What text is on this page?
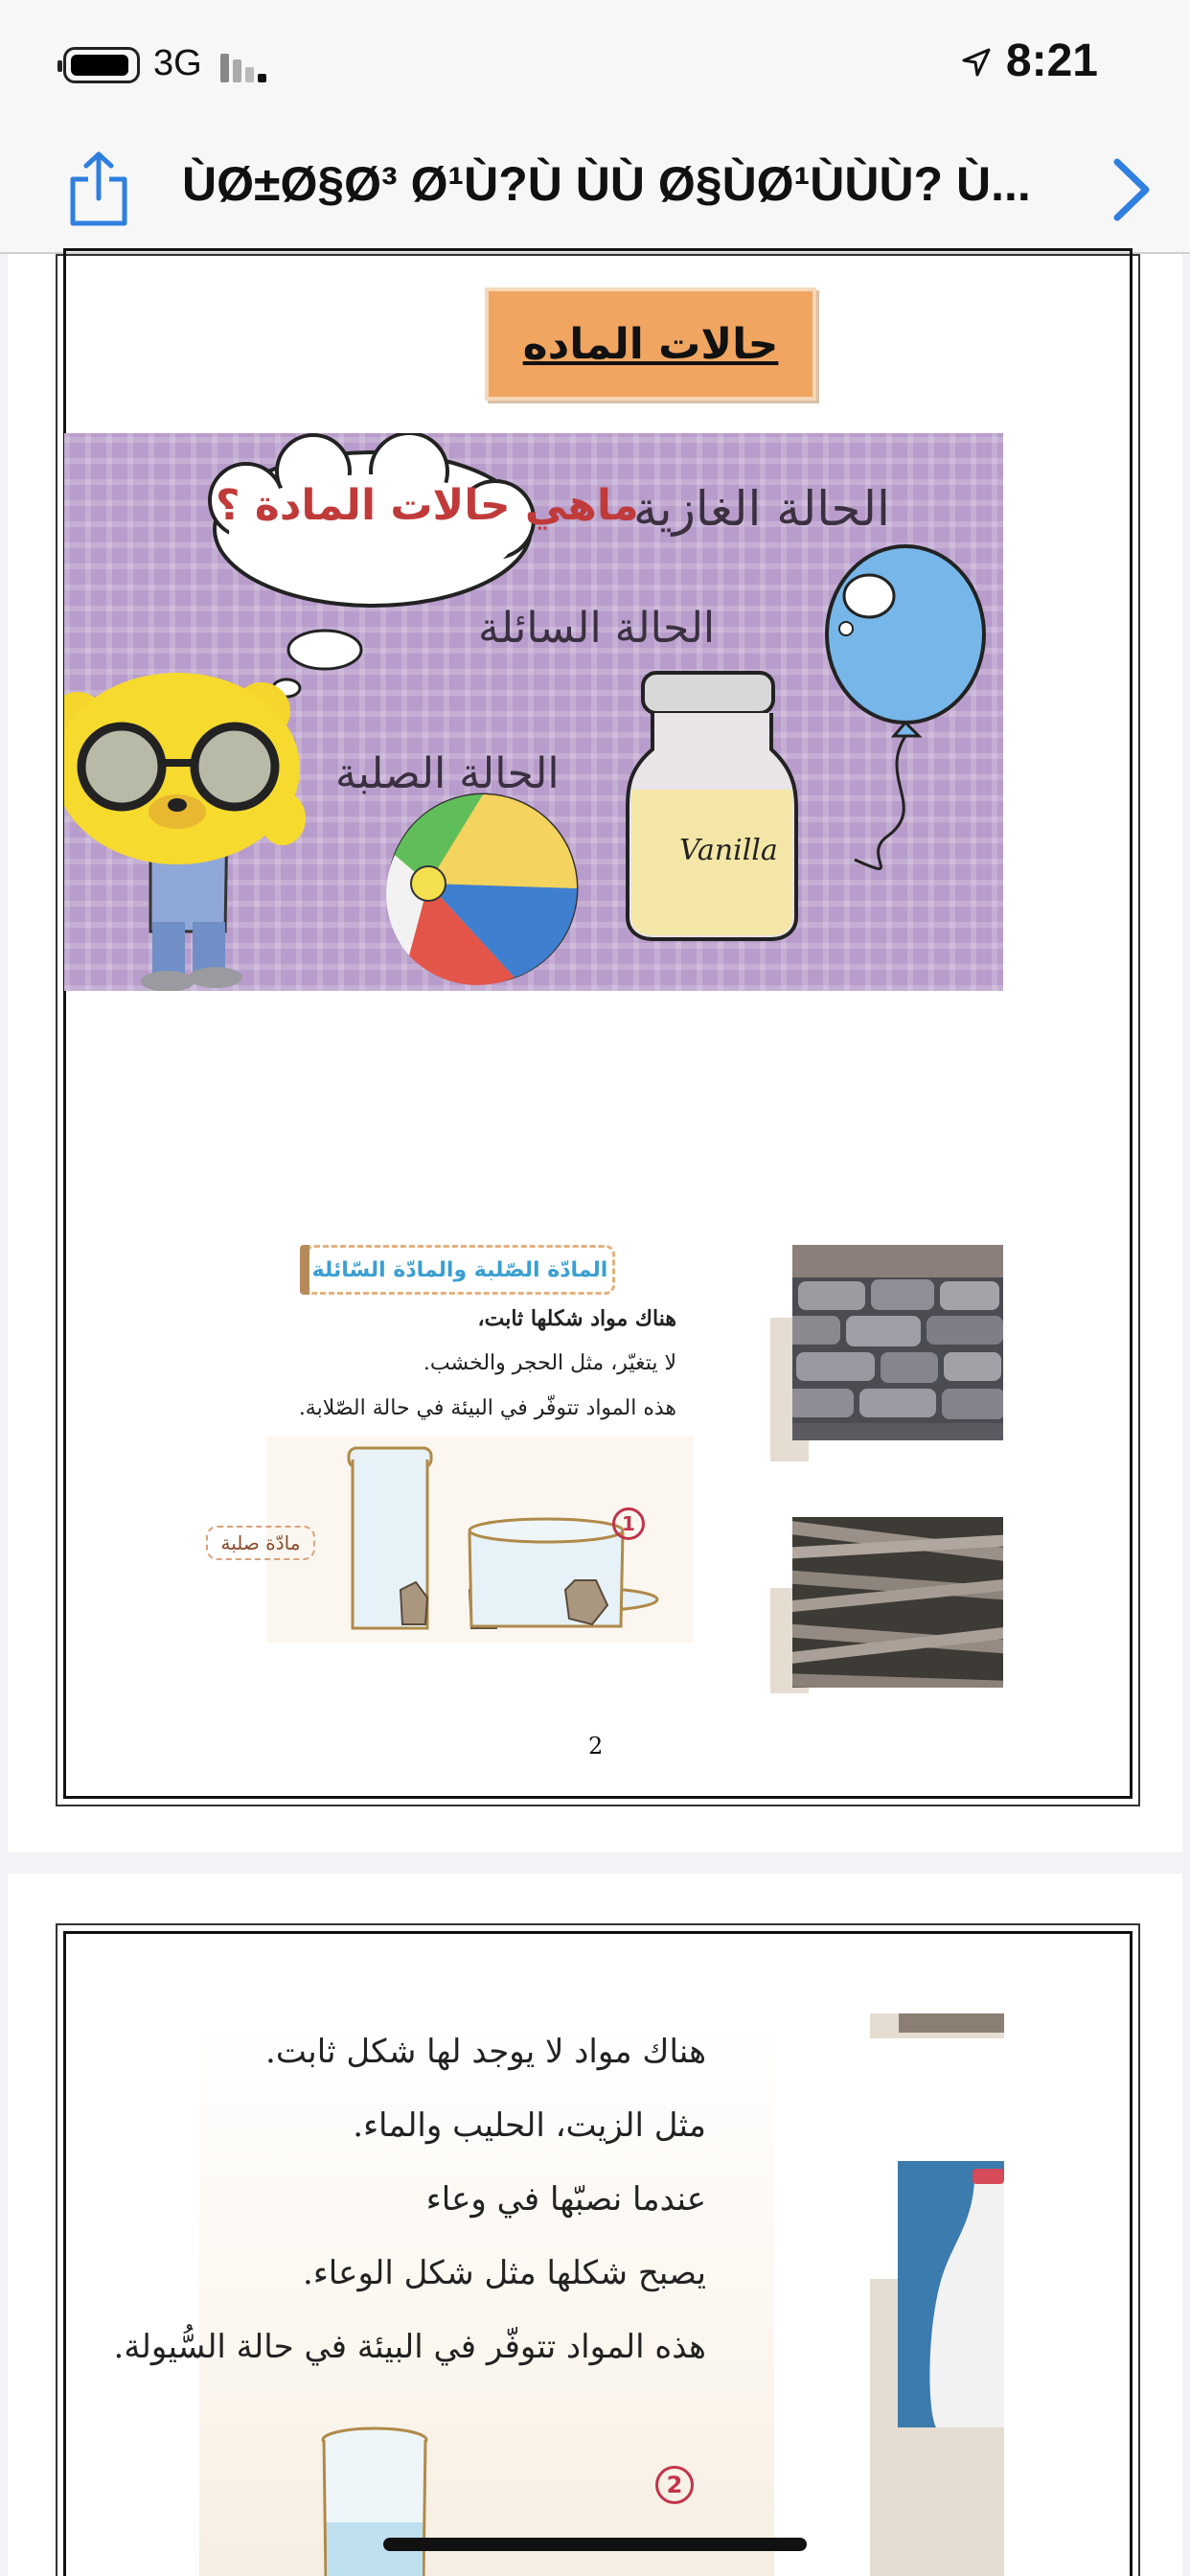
3G	8:21
ÙØ±Ø§Ø³ Ø¹Ù?Ù ÙÙ Ø§ÙØ¹ÙÙÙ? Ù...
حالات الماده
ماهي حالات المادة ؟
الحالة الغازية
الحالة السائلة
الحالة الصلبة
Vanilla
المادّة الصّلبة والمادّة السّائلة
هناك مواد شكلها ثابت،
لا يتغيّر، مثل الحجر والخشب.
هذه المواد تتوفّر في البيئة في حالة الصّلابة.
مادّة صلبة
1
2
هناك مواد لا يوجد لها شكل ثابت.
مثل الزيت، الحليب والماء.
عندما نصبّها في وعاء
يصبح شكلها مثل شكل الوعاء.
هذه المواد تتوفّر في البيئة في حالة السُّيولة.
2
